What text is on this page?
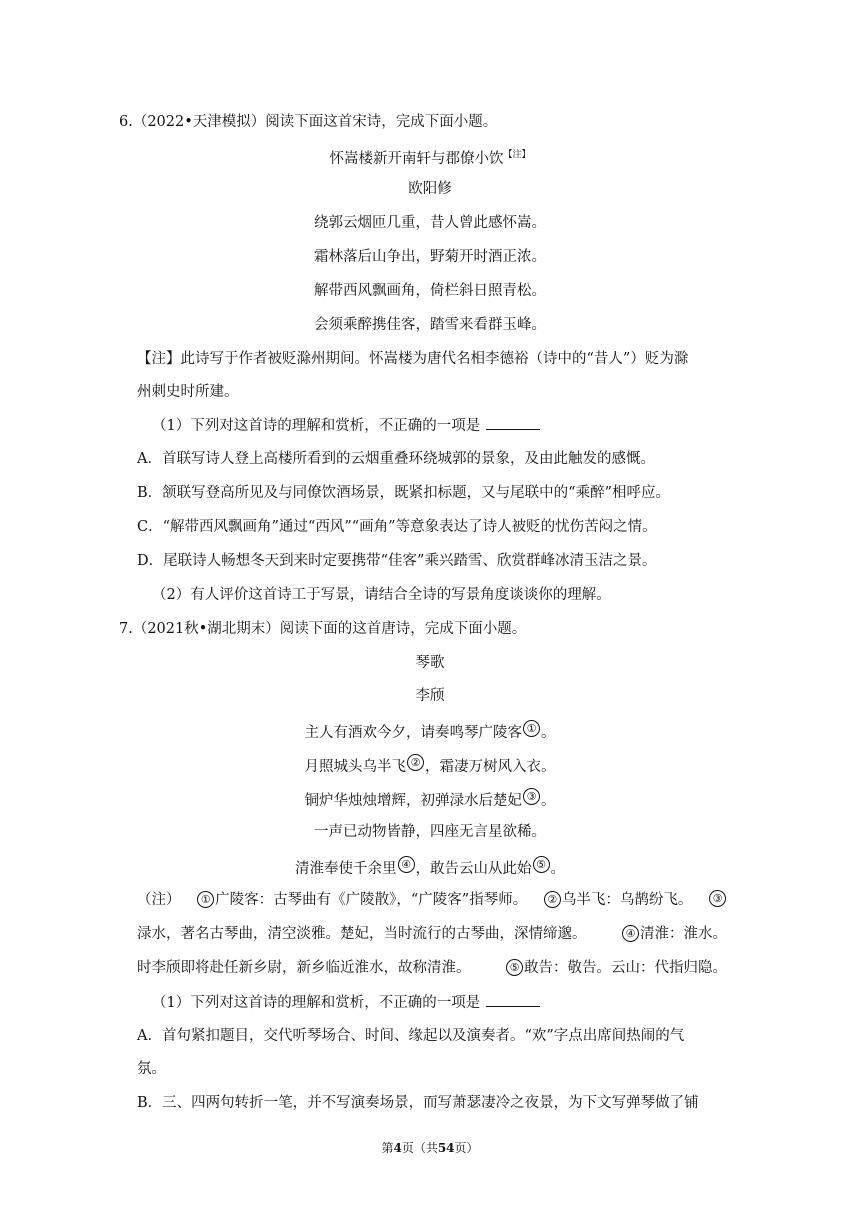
6.（2022•天津模拟）阅读下面这首宋诗，完成下面小题。
怀嵩楼新开南轩与郡僚小饮$^{【注】}$
欧阳修
绕郭云烟匝几重，昔人曾此感怀嵩。
霜林落后山争出，野菊开时酒正浓。
解带西风飘画角，倚栏斜日照青松。
会须乘醉携佳客，踏雪来看群玉峰。
【注】此诗写于作者被贬滁州期间。怀嵩楼为唐代名相李德裕（诗中的“昔人”）贬为滁
州刺史时所建。
（1）下列对这首诗的理解和赏析，不正确的一项是
A．首联写诗人登上高楼所看到的云烟重叠环绕城郭的景象，及由此触发的感慨。
B．颔联写登高所见及与同僚饮酒场景，既紧扣标题，又与尾联中的“乘醉”相呼应。
C．“解带西风飘画角”通过“西风”“画角”等意象表达了诗人被贬的忧伤苦闷之情。
D．尾联诗人畅想冬天到来时定要携带“佳客”乘兴踏雪、欣赏群峰冰清玉洁之景。
（2）有人评价这首诗工于写景，请结合全诗的写景角度谈谈你的理解。
7.（2021秋•湖北期末）阅读下面的这首唐诗，完成下面小题。
琴歌
李颀
主人有酒欢今夕，请奏鸣琴广陵客 ① 。
月照城头乌半飞 ② ，霜凄万树风入衣。
铜炉华烛烛增辉，初弹渌水后楚妃 ③ 。
一声已动物皆静，四座无言星欲稀。
清淮奉使千余里 ④ ，敢告云山从此始 ⑤ 。
（注）	① 广陵客：古琴曲有《广陵散》，“广陵客”指琴师。	② 乌半飞：乌鹊纷飞。	③
渌水，著名古琴曲，清空淡雅。楚妃，当时流行的古琴曲，深情缔邈。	④ 清淮：淮水。
时李颀即将赴任新乡尉，新乡临近淮水，故称清淮。	⑤ 敢告：敬告。云山：代指归隐。
（1）下列对这首诗的理解和赏析，不正确的一项是
A．首句紧扣题目，交代听琴场合、时间、缘起以及演奏者。“欢”字点出席间热闹的气
氛。
B．三、四两句转折一笔，并不写演奏场景，而写萧瑟凄冷之夜景，为下文写弹琴做了铺
第4页（共54页）
